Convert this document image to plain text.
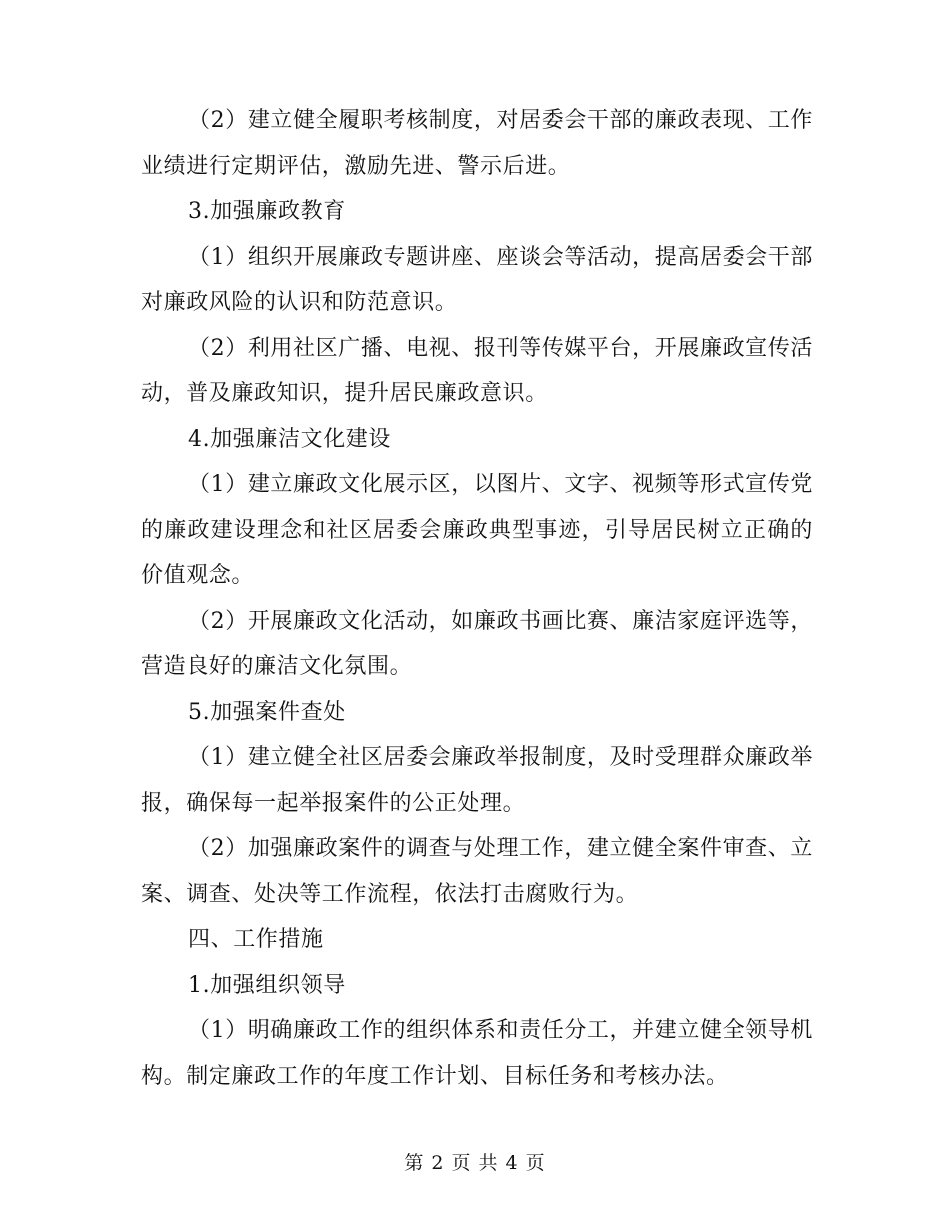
（2）建立健全履职考核制度，对居委会干部的廉政表现、工作业绩进行定期评估，激励先进、警示后进。

3.加强廉政教育

（1）组织开展廉政专题讲座、座谈会等活动，提高居委会干部对廉政风险的认识和防范意识。

（2）利用社区广播、电视、报刊等传媒平台，开展廉政宣传活动，普及廉政知识，提升居民廉政意识。

4.加强廉洁文化建设

（1）建立廉政文化展示区，以图片、文字、视频等形式宣传党的廉政建设理念和社区居委会廉政典型事迹，引导居民树立正确的价值观念。

（2）开展廉政文化活动，如廉政书画比赛、廉洁家庭评选等，营造良好的廉洁文化氛围。

5.加强案件查处

（1）建立健全社区居委会廉政举报制度，及时受理群众廉政举报，确保每一起举报案件的公正处理。

（2）加强廉政案件的调查与处理工作，建立健全案件审查、立案、调查、处决等工作流程，依法打击腐败行为。

四、工作措施

1.加强组织领导

（1）明确廉政工作的组织体系和责任分工，并建立健全领导机构。制定廉政工作的年度工作计划、目标任务和考核办法。

第 2 页 共 4 页
